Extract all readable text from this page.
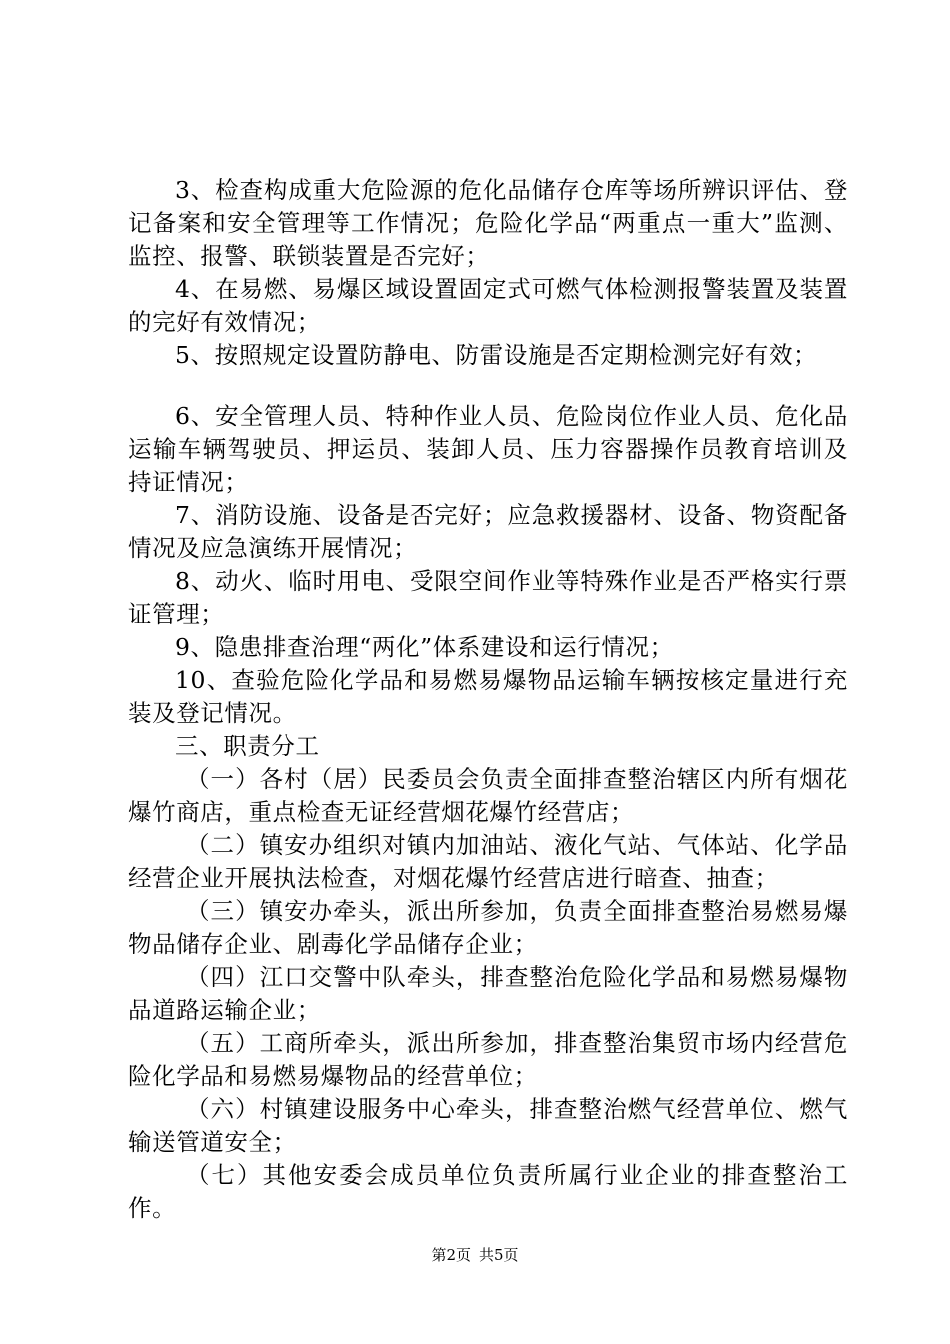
3、检查构成重大危险源的危化品储存仓库等场所辨识评估、登记备案和安全管理等工作情况；危险化学品“两重点一重大”监测、监控、报警、联锁装置是否完好；

4、在易燃、易爆区域设置固定式可燃气体检测报警装置及装置的完好有效情况；

5、按照规定设置防静电、防雷设施是否定期检测完好有效；

6、安全管理人员、特种作业人员、危险岗位作业人员、危化品运输车辆驾驶员、押运员、装卸人员、压力容器操作员教育培训及持证情况；

7、消防设施、设备是否完好；应急救援器材、设备、物资配备情况及应急演练开展情况；

8、动火、临时用电、受限空间作业等特殊作业是否严格实行票证管理；

9、隐患排查治理“两化”体系建设和运行情况；

10、查验危险化学品和易燃易爆物品运输车辆按核定量进行充装及登记情况。

三、职责分工

（一）各村（居）民委员会负责全面排查整治辖区内所有烟花爆竹商店，重点检查无证经营烟花爆竹经营店；

（二）镇安办组织对镇内加油站、液化气站、气体站、化学品经营企业开展执法检查，对烟花爆竹经营店进行暗查、抽查；

（三）镇安办牵头，派出所参加，负责全面排查整治易燃易爆物品储存企业、剧毒化学品储存企业；

（四）江口交警中队牵头，排查整治危险化学品和易燃易爆物品道路运输企业；

（五）工商所牵头，派出所参加，排查整治集贸市场内经营危险化学品和易燃易爆物品的经营单位；

（六）村镇建设服务中心牵头，排查整治燃气经营单位、燃气输送管道安全；

（七）其他安委会成员单位负责所属行业企业的排查整治工作。

第2页 共5页
